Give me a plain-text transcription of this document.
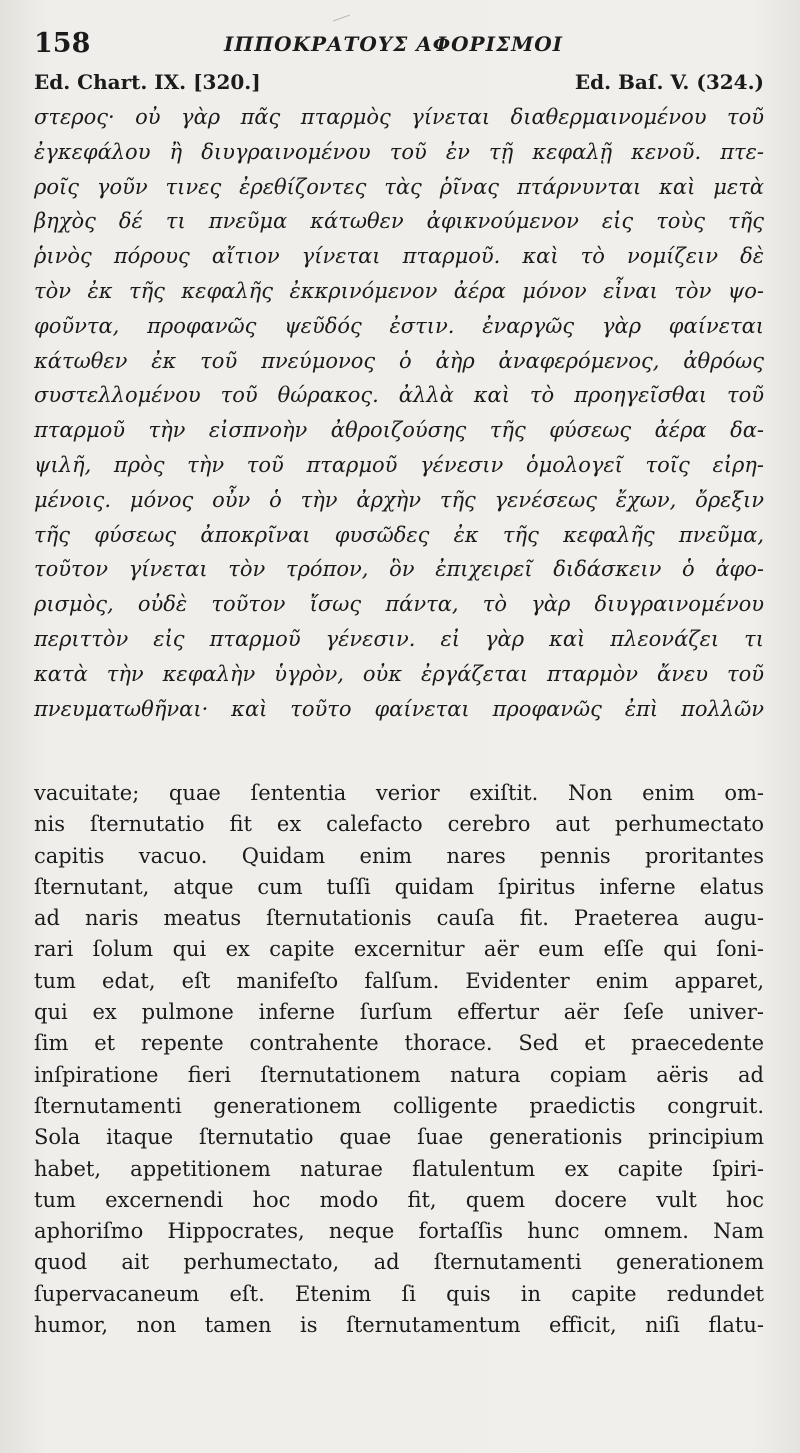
158	ΙΠΠΟΚΡΑΤΟΥΣ ΑΦΟΡΙΣΜΟΙ
Ed. Chart. IX. [320.]	Ed. Baſ. V. (324.)
στερος· οὐ γὰρ πᾶς πταρμὸς γίνεται διαθερμαινομένου τοῦ
ἐγκεφάλου ἢ διυγραινομένου τοῦ ἐν τῇ κεφαλῇ κενοῦ. πτε-
ροῖς γοῦν τινες ἐρεθίζοντες τὰς ῥῖνας πτάρνυνται καὶ μετὰ
βηχὸς δέ τι πνεῦμα κάτωθεν ἀφικνούμενον εἰς τοὺς τῆς
ῥινὸς πόρους αἴτιον γίνεται πταρμοῦ. καὶ τὸ νομίζειν δὲ
τὸν ἐκ τῆς κεφαλῆς ἐκκρινόμενον ἀέρα μόνον εἶναι τὸν ψο-
φοῦντα, προφανῶς ψεῦδός ἐστιν. ἐναργῶς γὰρ φαίνεται
κάτωθεν ἐκ τοῦ πνεύμονος ὁ ἀὴρ ἀναφερόμενος, ἀθρόως
συστελλομένου τοῦ θώρακος. ἀλλὰ καὶ τὸ προηγεῖσθαι τοῦ
πταρμοῦ τὴν εἰσπνοὴν ἀθροιζούσης τῆς φύσεως ἀέρα δα-
ψιλῆ, πρὸς τὴν τοῦ πταρμοῦ γένεσιν ὁμολογεῖ τοῖς εἰρη-
μένοις. μόνος οὖν ὁ τὴν ἀρχὴν τῆς γενέσεως ἔχων, ὄρεξιν
τῆς φύσεως ἀποκρῖναι φυσῶδες ἐκ τῆς κεφαλῆς πνεῦμα,
τοῦτον γίνεται τὸν τρόπον, ὃν ἐπιχειρεῖ διδάσκειν ὁ ἀφο-
ρισμὸς, οὐδὲ τοῦτον ἴσως πάντα, τὸ γὰρ διυγραινομένου
περιττὸν εἰς πταρμοῦ γένεσιν. εἰ γὰρ καὶ πλεονάζει τι
κατὰ τὴν κεφαλὴν ὑγρὸν, οὐκ ἐργάζεται πταρμὸν ἄνευ τοῦ
πνευματωθῆναι· καὶ τοῦτο φαίνεται προφανῶς ἐπὶ πολλῶν
vacuitate; quae ſententia verior exiſtit. Non enim om-
nis ſternutatio fit ex calefacto cerebro aut perhumectato
capitis vacuo. Quidam enim nares pennis proritantes
ſternutant, atque cum tuſſi quidam ſpiritus inferne elatus
ad naris meatus ſternutationis cauſa fit. Praeterea augu-
rari ſolum qui ex capite excernitur aër eum eſſe qui ſoni-
tum edat, eſt manifeſto falſum. Evidenter enim apparet,
qui ex pulmone inferne ſurſum effertur aër ſeſe univer-
ſim et repente contrahente thorace. Sed et praecedente
inſpiratione fieri ſternutationem natura copiam aëris ad
ſternutamenti generationem colligente praedictis congruit.
Sola itaque ſternutatio quae ſuae generationis principium
habet, appetitionem naturae flatulentum ex capite ſpiri-
tum excernendi hoc modo fit, quem docere vult hoc
aphoriſmo Hippocrates, neque fortaſſis hunc omnem. Nam
quod ait perhumectato, ad ſternutamenti generationem
ſupervacaneum eſt. Etenim ſi quis in capite redundet
humor, non tamen is ſternutamentum efficit, niſi flatu-
